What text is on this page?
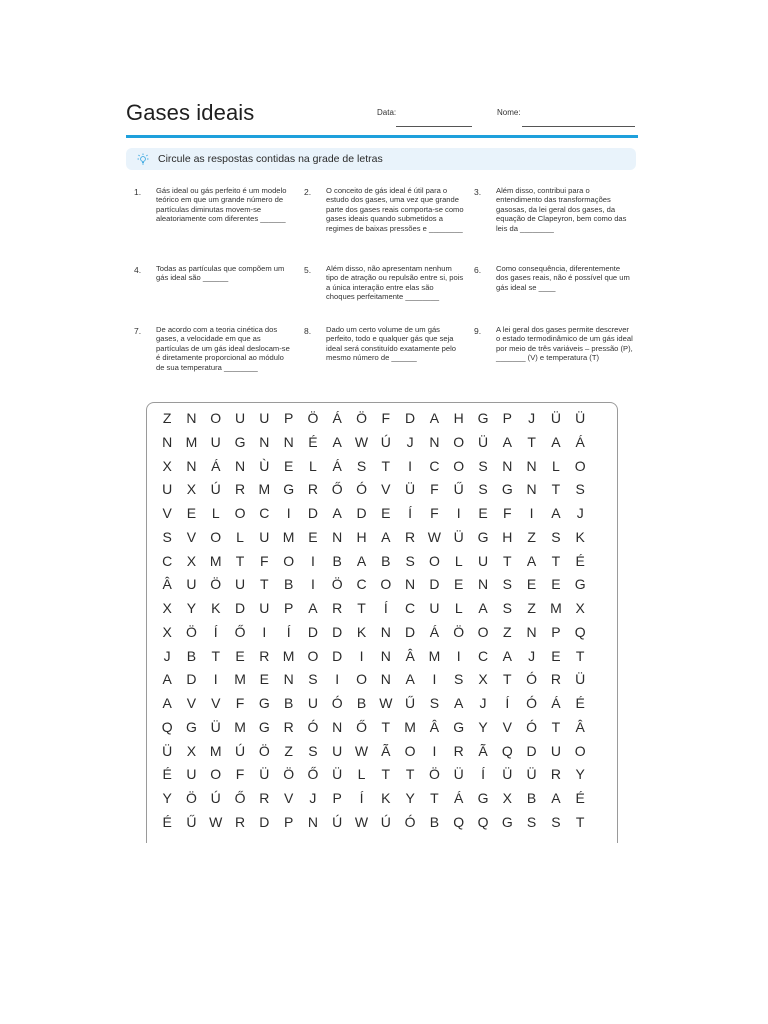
Gases ideais	Data:	Nome:
Circule as respostas contidas na grade de letras
1. Gás ideal ou gás perfeito é um modelo teórico em que um grande número de partículas diminutas movem-se aleatoriamente com diferentes ______
2. O conceito de gás ideal é útil para o estudo dos gases, uma vez que grande parte dos gases reais comporta-se como gases ideais quando submetidos a regimes de baixas pressões e ________
3. Além disso, contribui para o entendimento das transformações gasosas, da lei geral dos gases, da equação de Clapeyron, bem como das leis da ________
4. Todas as partículas que compõem um gás ideal são ______
5. Além disso, não apresentam nenhum tipo de atração ou repulsão entre si, pois a única interação entre elas são choques perfeitamente ________
6. Como consequência, diferentemente dos gases reais, não é possível que um gás ideal se ____
7. De acordo com a teoria cinética dos gases, a velocidade em que as partículas de um gás ideal deslocam-se é diretamente proporcional ao módulo de sua temperatura ________
8. Dado um certo volume de um gás perfeito, todo e qualquer gás que seja ideal será constituído exatamente pelo mesmo número de ______
9. A lei geral dos gases permite descrever o estado termodinâmico de um gás ideal por meio de três variáveis – pressão (P), _______ (V) e temperatura (T)
Z	N O U	U	P	Ö	Á	Ö	F	D	A	H G	P	J	Ü	Ü
N M U G N	N	É	A W Ú	J	N O Ü	A	T	A	Á
X	N	Á	N	Ù	E	L	Á	S	T	I	C O	S	N	N	L	O
U	X	Ú	R M G R Ő Ó	V	Ü	F	Ű	S	G N	T	S
V	E	L	O C	I	D	A	D	E	Í	F	I	E	F	I	A	J
S	V	O	L	U M E	N	H	A	R W Ü G H	Z	S	K
C	X M	T	F	O	I	B	A	B	S	O	L	U	T	A	T	É
Â	U Ö U	T	B	I	Ö C O N	D	E	N	S	E	E	G
X	Y	K	D	U	P	A	R	T	Í	C	U	L	A	S	Z	M X
X	Ö	Í	Ő	I	Í	D	D	K	N	D	Á	Ö O	Z	N	P	Q
J	B	T	E	R M O D	I	N	Â M	I	C	A	J	E	T
A	D	I	M E	N	S	I	O N	A	I	S	X	T	Ó R	Ü
A	V	V	F	G	B	U Ó	B W Ű	S	A	J	Í	Ó	Á	É
Q G Ü M G R Ó N Ő	T	M Â	G	Y	V	Ó	T	Â
Ü	X M Ú Ö	Z	S	U W Ã	O	I	R	Ã	Q D	U O
É	U O	F	Ü Ö Ő Ü	L	T	T	Ö Ü	Í	Ü	Ü	R	Y
Y	Ö Ú Ő R	V	J	P	Í	K	Y	T	Á	G	X	B	A	É
É	Ű W R	D	P	N	Ú W Ú Ó	B	Q Q G	S	S	T
